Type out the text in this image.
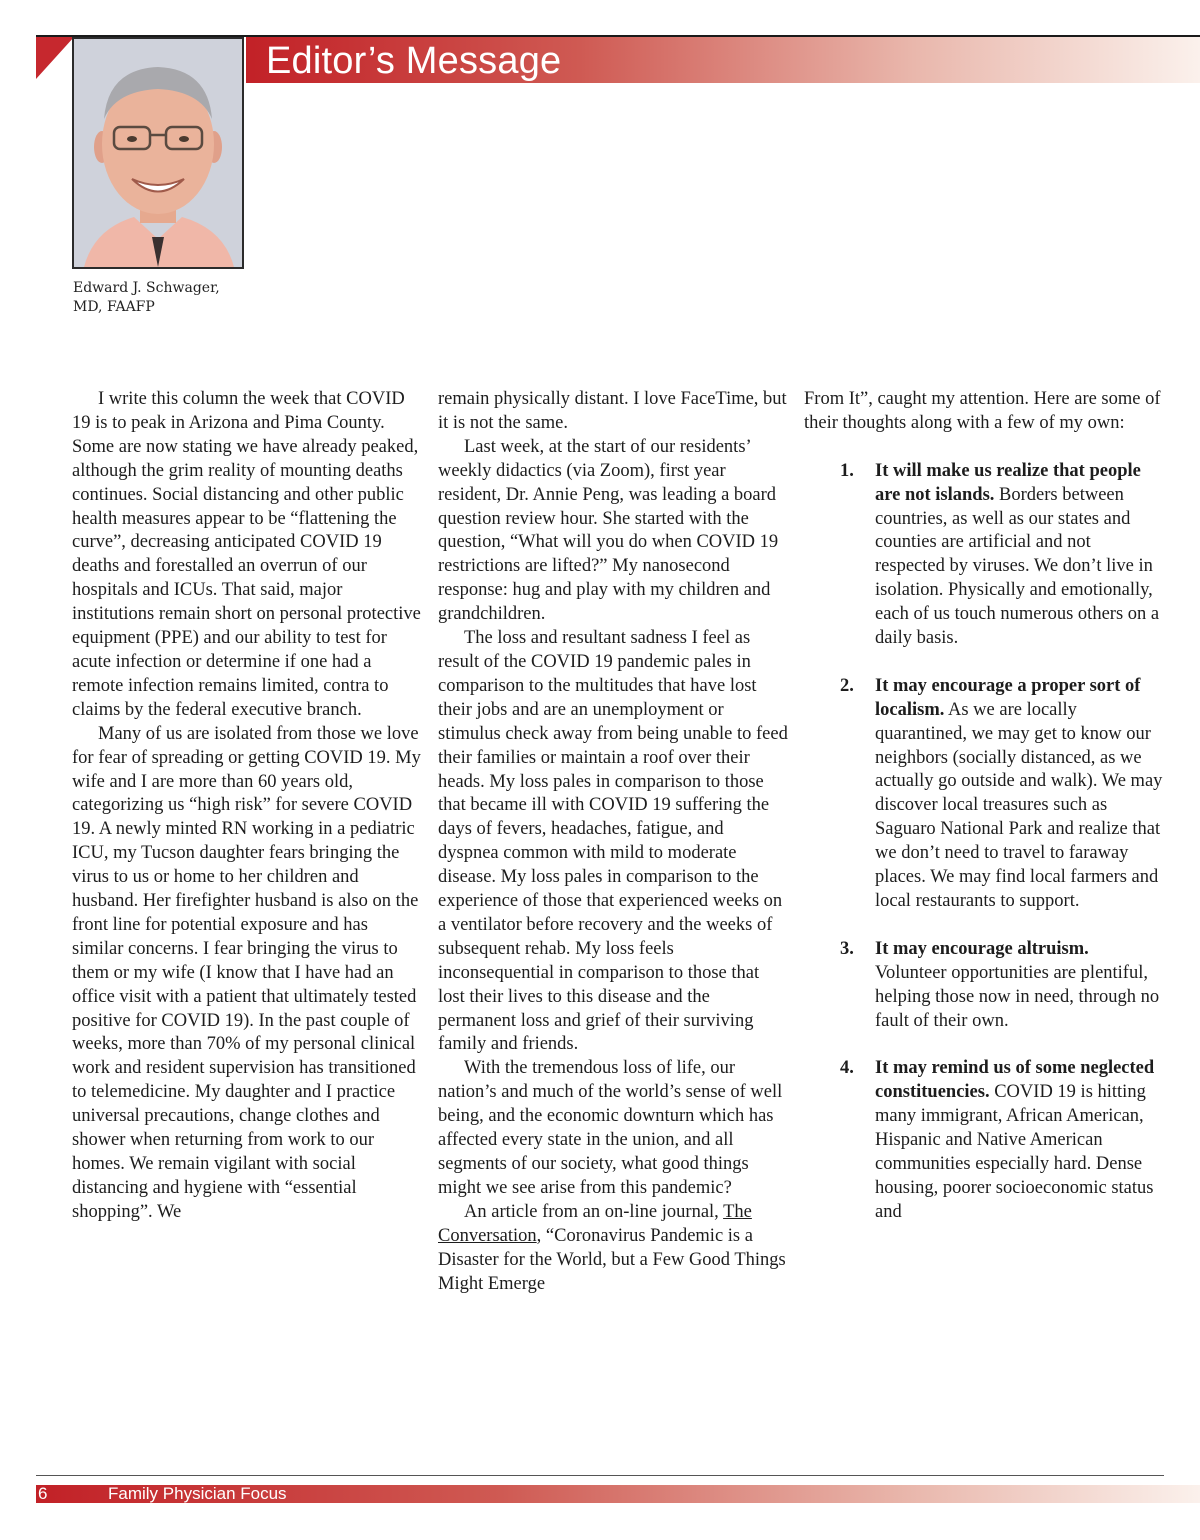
Editor’s Message
Edward J. Schwager,
MD, FAAFP

I write this column the week that COVID 19 is to peak in Arizona and Pima County. Some are now stating we have already peaked, although the grim reality of mounting deaths continues. Social distancing and other public health measures appear to be “flattening the curve”, decreasing anticipated COVID 19 deaths and forestalled an overrun of our hospitals and ICUs. That said, major institutions remain short on personal protective equipment (PPE) and our ability to test for acute infection or determine if one had a remote infection remains limited, contra to claims by the federal executive branch.

Many of us are isolated from those we love for fear of spreading or getting COVID 19. My wife and I are more than 60 years old, categorizing us “high risk” for severe COVID 19. A newly minted RN working in a pediatric ICU, my Tucson daughter fears bringing the virus to us or home to her children and husband. Her firefighter husband is also on the front line for potential exposure and has similar concerns. I fear bringing the virus to them or my wife (I know that I have had an office visit with a patient that ultimately tested positive for COVID 19). In the past couple of weeks, more than 70% of my personal clinical work and resident supervision has transitioned to telemedicine. My daughter and I practice universal precautions, change clothes and shower when returning from work to our homes. We remain vigilant with social distancing and hygiene with “essential shopping”. We

remain physically distant. I love FaceTime, but it is not the same.

Last week, at the start of our residents’ weekly didactics (via Zoom), first year resident, Dr. Annie Peng, was leading a board question review hour. She started with the question, “What will you do when COVID 19 restrictions are lifted?” My nanosecond response: hug and play with my children and grandchildren.

The loss and resultant sadness I feel as result of the COVID 19 pandemic pales in comparison to the multitudes that have lost their jobs and are an unemployment or stimulus check away from being unable to feed their families or maintain a roof over their heads. My loss pales in comparison to those that became ill with COVID 19 suffering the days of fevers, headaches, fatigue, and dyspnea common with mild to moderate disease. My loss pales in comparison to the experience of those that experienced weeks on a ventilator before recovery and the weeks of subsequent rehab. My loss feels inconsequential in comparison to those that lost their lives to this disease and the permanent loss and grief of their surviving family and friends.

With the tremendous loss of life, our nation’s and much of the world’s sense of well being, and the economic downturn which has affected every state in the union, and all segments of our society, what good things might we see arise from this pandemic?

An article from an on-line journal, The Conversation, “Coronavirus Pandemic is a Disaster for the World, but a Few Good Things Might Emerge

From It”, caught my attention. Here are some of their thoughts along with a few of my own:

1. It will make us realize that people are not islands. Borders between countries, as well as our states and counties are artificial and not respected by viruses. We don’t live in isolation. Physically and emotionally, each of us touch numerous others on a daily basis.
2. It may encourage a proper sort of localism. As we are locally quarantined, we may get to know our neighbors (socially distanced, as we actually go outside and walk). We may discover local treasures such as Saguaro National Park and realize that we don’t need to travel to faraway places. We may find local farmers and local restaurants to support.
3. It may encourage altruism. Volunteer opportunities are plentiful, helping those now in need, through no fault of their own.
4. It may remind us of some neglected constituencies. COVID 19 is hitting many immigrant, African American, Hispanic and Native American communities especially hard. Dense housing, poorer socioeconomic status and
6	Family Physician Focus
